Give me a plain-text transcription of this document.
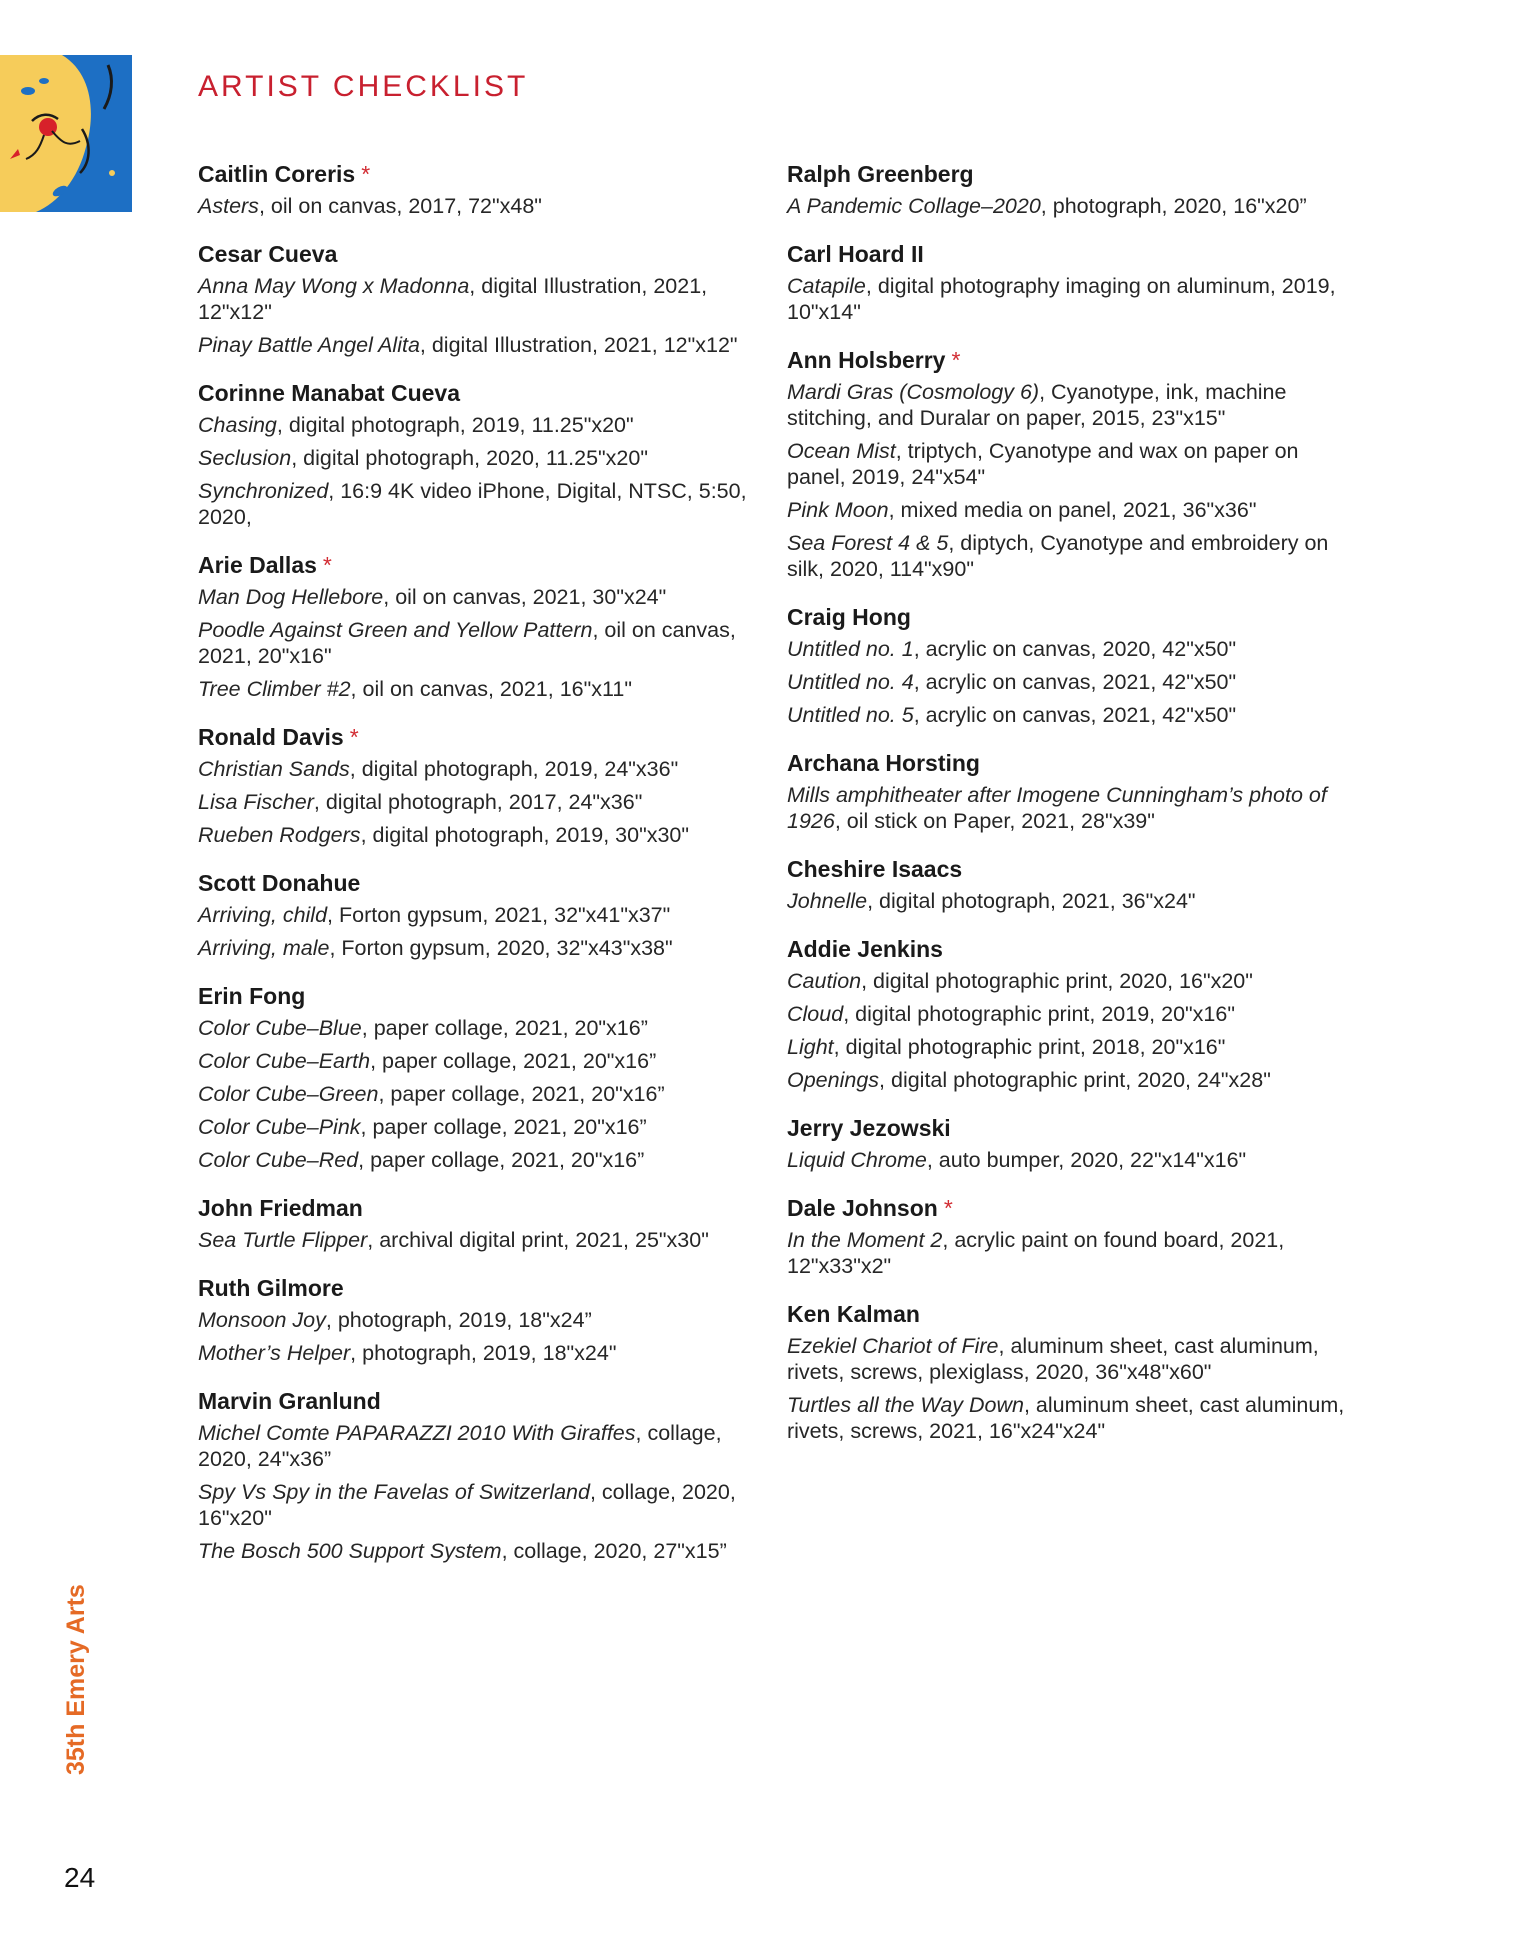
ARTIST CHECKLIST
Caitlin Coreris *
Asters, oil on canvas, 2017, 72"x48"
Cesar Cueva
Anna May Wong x Madonna, digital Illustration, 2021, 12"x12"
Pinay Battle Angel Alita, digital Illustration, 2021, 12"x12"
Corinne Manabat Cueva
Chasing, digital photograph, 2019, 11.25"x20"
Seclusion, digital photograph, 2020, 11.25"x20"
Synchronized, 16:9 4K video iPhone, Digital, NTSC, 5:50, 2020,
Arie Dallas *
Man Dog Hellebore, oil on canvas, 2021, 30"x24"
Poodle Against Green and Yellow Pattern, oil on canvas, 2021, 20"x16"
Tree Climber #2, oil on canvas, 2021, 16"x11"
Ronald Davis *
Christian Sands, digital photograph, 2019, 24"x36"
Lisa Fischer, digital photograph, 2017, 24"x36"
Rueben Rodgers, digital photograph, 2019, 30"x30"
Scott Donahue
Arriving, child, Forton gypsum, 2021, 32"x41"x37"
Arriving, male, Forton gypsum, 2020, 32"x43"x38"
Erin Fong
Color Cube–Blue, paper collage, 2021, 20"x16”
Color Cube–Earth, paper collage, 2021, 20"x16”
Color Cube–Green, paper collage, 2021, 20"x16”
Color Cube–Pink, paper collage, 2021, 20"x16”
Color Cube–Red, paper collage, 2021, 20"x16”
John Friedman
Sea Turtle Flipper, archival digital print, 2021, 25"x30"
Ruth Gilmore
Monsoon Joy, photograph, 2019, 18"x24”
Mother’s Helper, photograph, 2019, 18"x24"
Marvin Granlund
Michel Comte PAPARAZZI 2010 With Giraffes, collage, 2020, 24"x36”
Spy Vs Spy in the Favelas of Switzerland, collage, 2020, 16"x20"
The Bosch 500 Support System, collage, 2020, 27"x15”
Ralph Greenberg
A Pandemic Collage–2020, photograph, 2020, 16"x20”
Carl Hoard II
Catapile, digital photography imaging on aluminum, 2019, 10"x14"
Ann Holsberry *
Mardi Gras (Cosmology 6), Cyanotype, ink, machine stitching, and Duralar on paper, 2015, 23"x15"
Ocean Mist, triptych, Cyanotype and wax on paper on panel, 2019, 24"x54"
Pink Moon, mixed media on panel, 2021, 36"x36"
Sea Forest 4 & 5, diptych, Cyanotype and embroidery on silk, 2020, 114"x90"
Craig Hong
Untitled no. 1, acrylic on canvas, 2020, 42"x50"
Untitled no. 4, acrylic on canvas, 2021, 42"x50"
Untitled no. 5, acrylic on canvas, 2021, 42"x50"
Archana Horsting
Mills amphitheater after Imogene Cunningham’s photo of 1926, oil stick on Paper, 2021, 28"x39"
Cheshire Isaacs
Johnelle, digital photograph, 2021, 36"x24"
Addie Jenkins
Caution, digital photographic print, 2020, 16"x20"
Cloud, digital photographic print, 2019, 20"x16"
Light, digital photographic print, 2018, 20"x16"
Openings, digital photographic print, 2020, 24"x28"
Jerry Jezowski
Liquid Chrome, auto bumper, 2020, 22"x14"x16"
Dale Johnson *
In the Moment 2, acrylic paint on found board, 2021, 12"x33"x2"
Ken Kalman
Ezekiel Chariot of Fire, aluminum sheet, cast aluminum, rivets, screws, plexiglass, 2020, 36"x48"x60"
Turtles all the Way Down, aluminum sheet, cast aluminum, rivets, screws, 2021, 16"x24"x24"
35th Emery Arts
24
